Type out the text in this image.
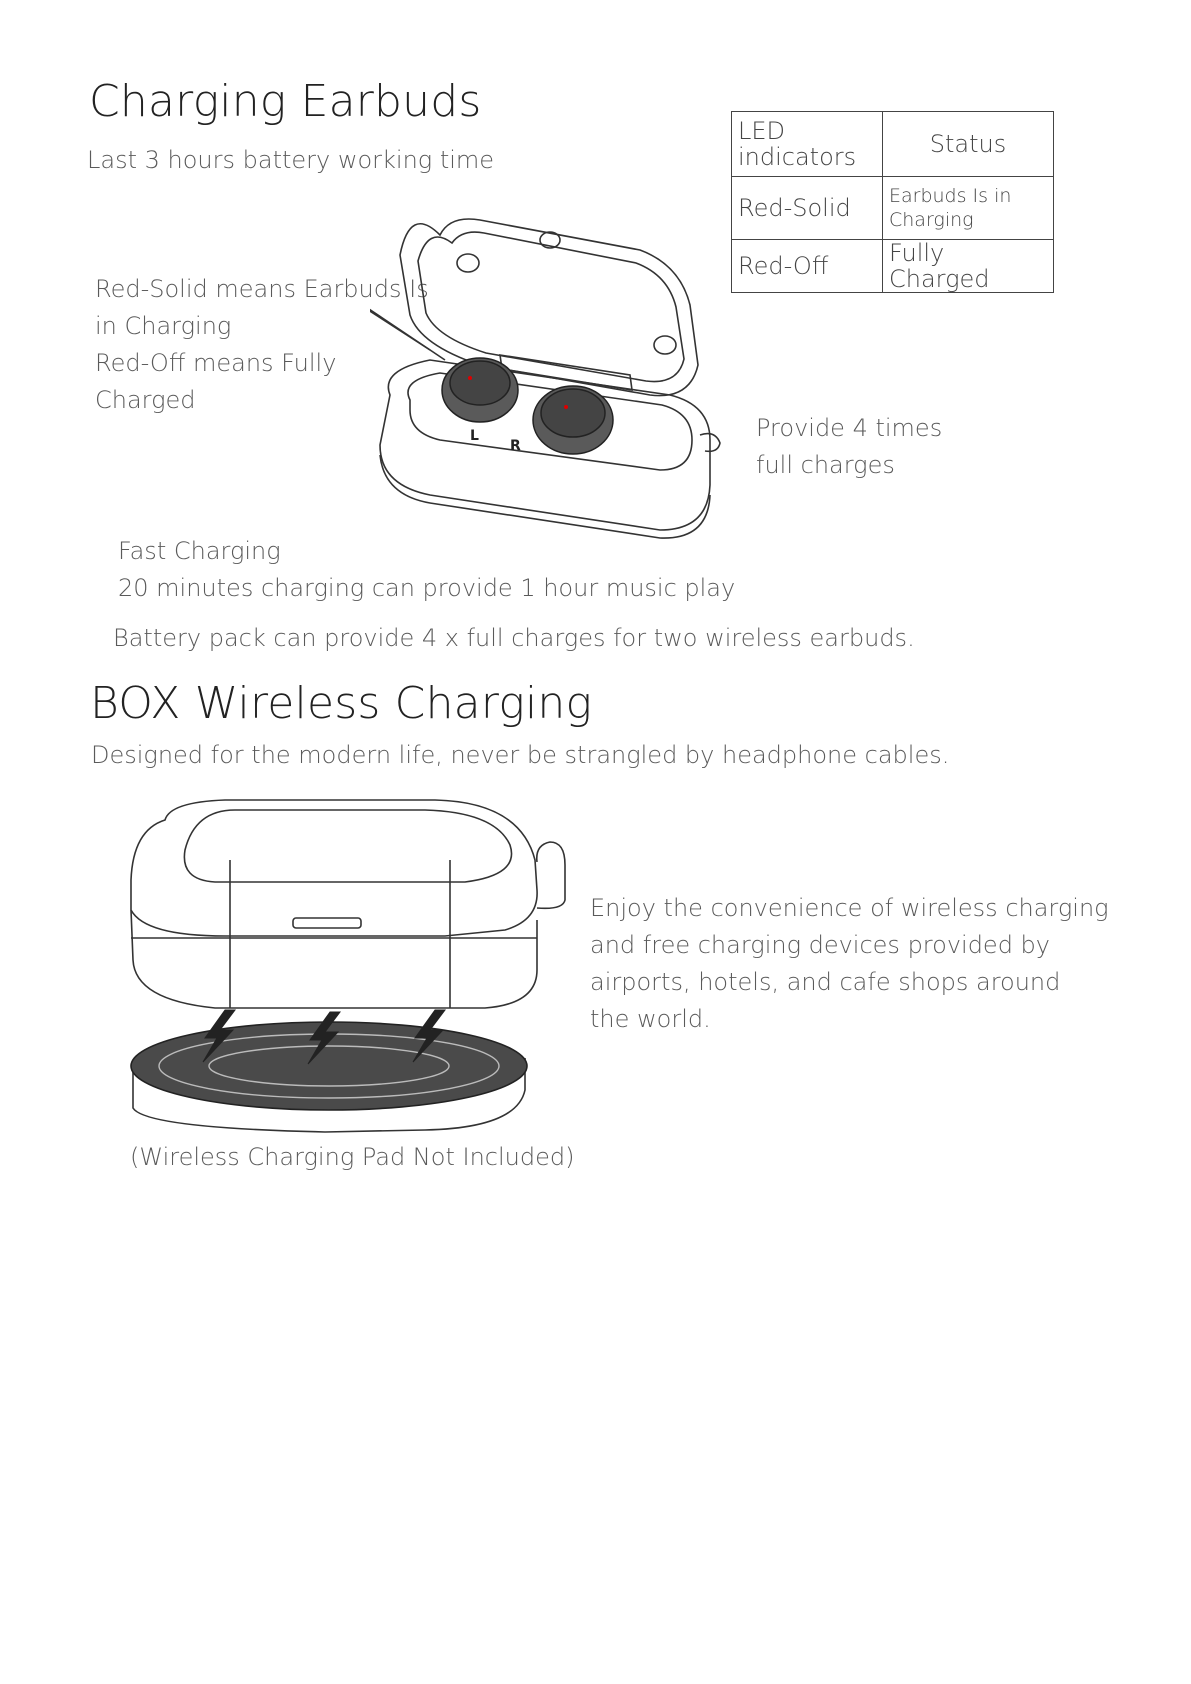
Charging Earbuds
Last 3 hours battery working time
LED indicators	Status
Red-Solid	Earbuds Is in Charging
Red-Off	Fully Charged
Red-Solid means Earbuds Is
in Charging
Red-Off means Fully
Charged
Provide 4 times
full charges
L
R
Fast Charging
20 minutes charging can provide 1 hour music play
Battery pack can provide 4 x full charges for two wireless earbuds.
BOX Wireless Charging
Designed for the modern life, never be strangled by headphone cables.
Enjoy the convenience of wireless charging
and free charging devices provided by
airports, hotels, and cafe shops around
the world.
(Wireless Charging Pad Not Included)
